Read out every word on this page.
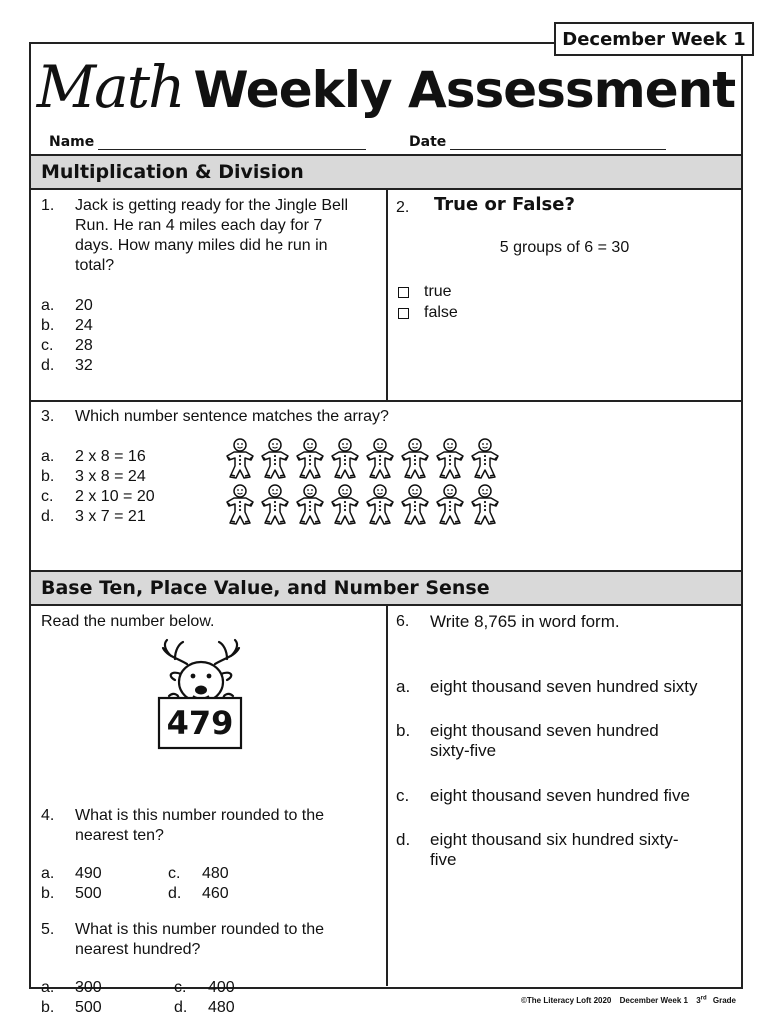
December Week 1
Math Weekly Assessment
Name	Date
Multiplication & Division
1. Jack is getting ready for the Jingle Bell
Run. He ran 4 miles each day for 7
days. How many miles did he run in
total?
a. 20
b. 24
c. 28
d. 32
2. True or False?
5 groups of 6 = 30
true
false
3. Which number sentence matches the array?
a. 2 x 8 = 16
b. 3 x 8 = 24
c. 2 x 10 = 20
d. 3 x 7 = 21
Base Ten, Place Value, and Number Sense
Read the number below.
479
4. What is this number rounded to the
nearest ten?
a. 490
b. 500
c. 480
d. 460
5. What is this number rounded to the
nearest hundred?
a. 300
b. 500
c. 400
d. 480
6. Write 8,765 in word form.
a. eight thousand seven hundred sixty
b. eight thousand seven hundred
sixty-five
c. eight thousand seven hundred five
d. eight thousand six hundred sixty-
five
©The Literacy Loft 2020 December Week 1 3rd Grade
